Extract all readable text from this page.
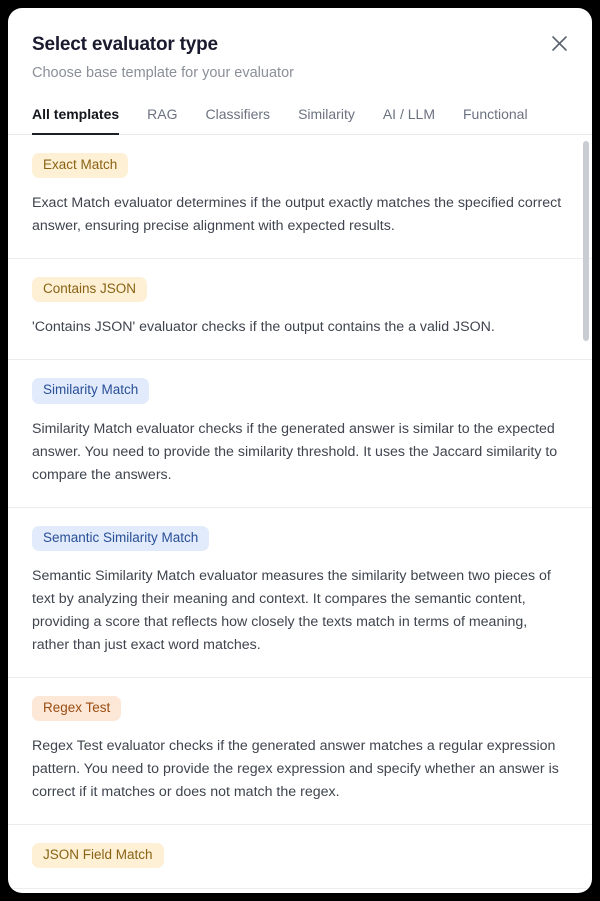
Select evaluator type
Choose base template for your evaluator
All templates RAG Classifiers Similarity AI / LLM Functional
Exact Match
Exact Match evaluator determines if the output exactly matches the specified correct answer, ensuring precise alignment with expected results.
Contains JSON
'Contains JSON' evaluator checks if the output contains the a valid JSON.
Similarity Match
Similarity Match evaluator checks if the generated answer is similar to the expected answer. You need to provide the similarity threshold. It uses the Jaccard similarity to compare the answers.
Semantic Similarity Match
Semantic Similarity Match evaluator measures the similarity between two pieces of text by analyzing their meaning and context. It compares the semantic content, providing a score that reflects how closely the texts match in terms of meaning, rather than just exact word matches.
Regex Test
Regex Test evaluator checks if the generated answer matches a regular expression pattern. You need to provide the regex expression and specify whether an answer is correct if it matches or does not match the regex.
JSON Field Match
